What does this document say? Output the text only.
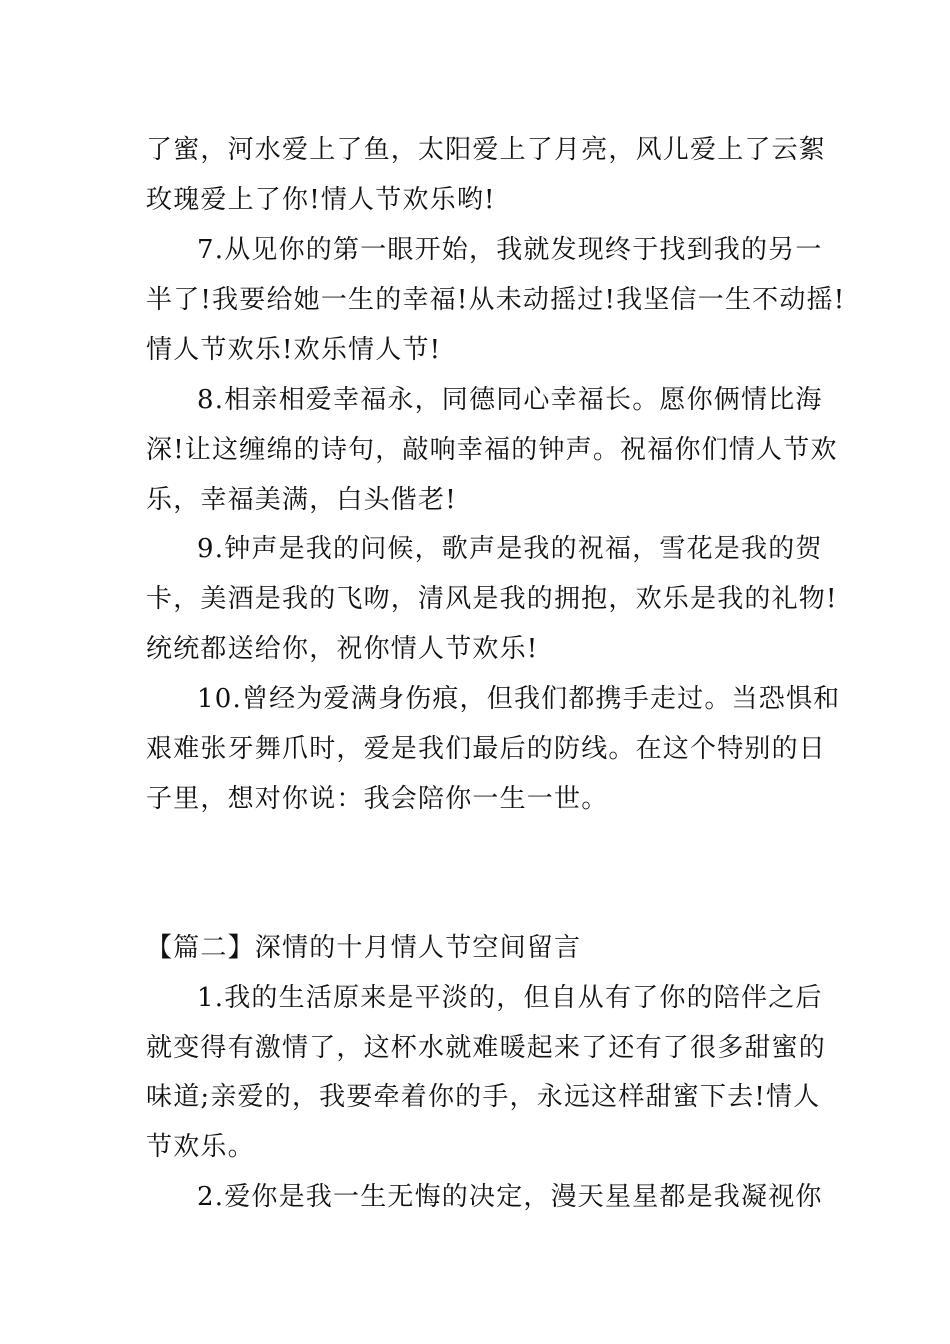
了蜜，河水爱上了鱼，太阳爱上了月亮，风儿爱上了云絮
玫瑰爱上了你!情人节欢乐哟!
7.从见你的第一眼开始，我就发现终于找到我的另一
半了!我要给她一生的幸福!从未动摇过!我坚信一生不动摇!
情人节欢乐!欢乐情人节!
8.相亲相爱幸福永，同德同心幸福长。愿你俩情比海
深!让这缠绵的诗句，敲响幸福的钟声。祝福你们情人节欢
乐，幸福美满，白头偕老!
9.钟声是我的问候，歌声是我的祝福，雪花是我的贺
卡，美酒是我的飞吻，清风是我的拥抱，欢乐是我的礼物!
统统都送给你，祝你情人节欢乐!
10.曾经为爱满身伤痕，但我们都携手走过。当恐惧和
艰难张牙舞爪时，爱是我们最后的防线。在这个特别的日
子里，想对你说：我会陪你一生一世。
【篇二】深情的十月情人节空间留言
1.我的生活原来是平淡的，但自从有了你的陪伴之后
就变得有激情了，这杯水就难暖起来了还有了很多甜蜜的
味道;亲爱的，我要牵着你的手，永远这样甜蜜下去!情人
节欢乐。
2.爱你是我一生无悔的决定，漫天星星都是我凝视你
